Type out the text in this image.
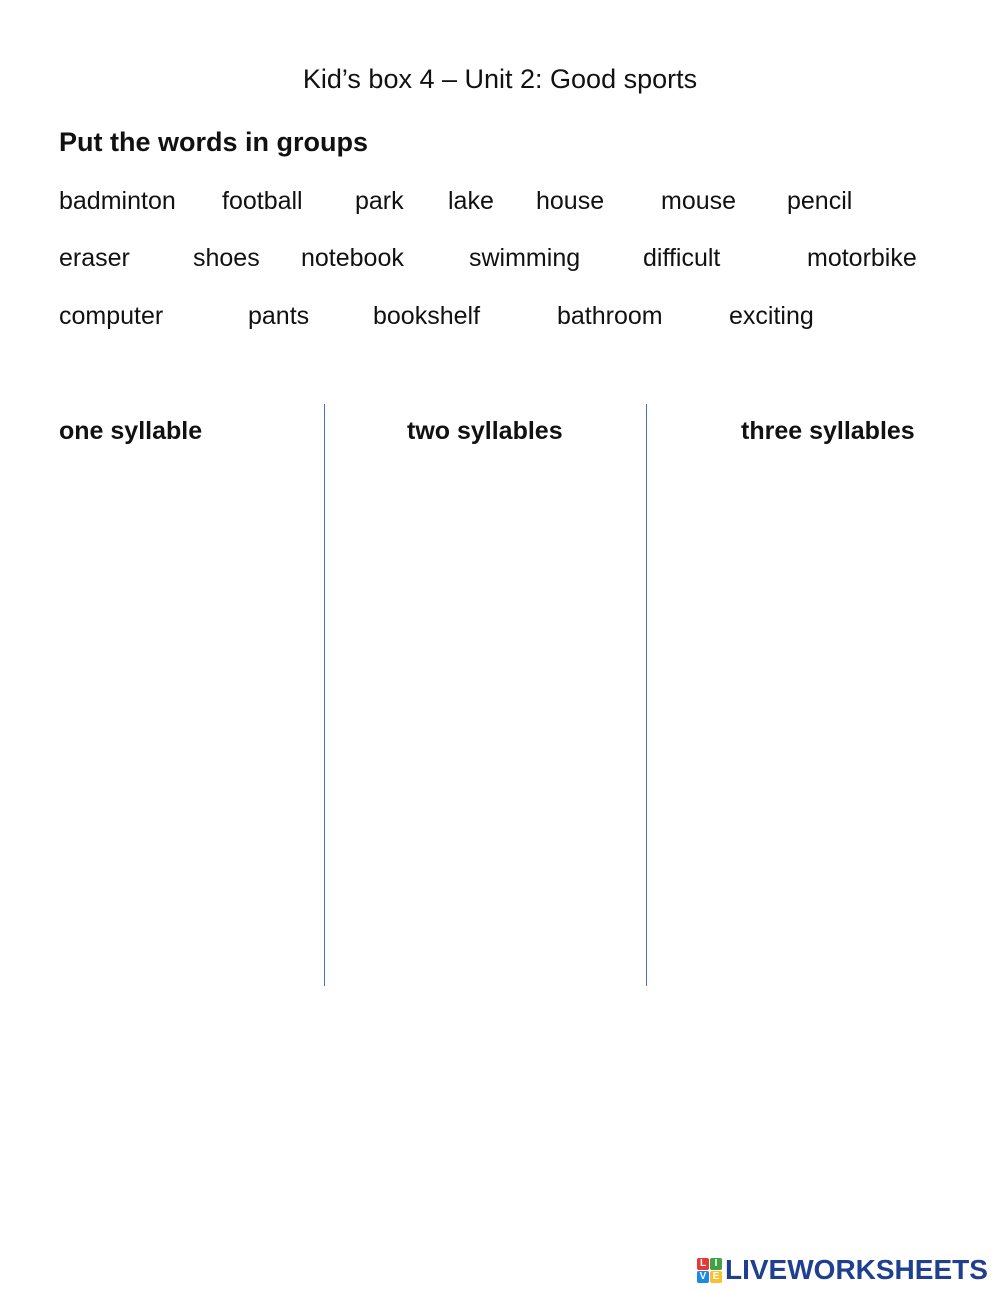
Kid’s box 4 – Unit 2: Good sports
Put the words in groups
badminton football park lake house mouse pencil
eraser	shoes notebook	swimming	difficult	motorbike
computer	pants	bookshelf	bathroom	exciting
one syllable	two syllables	three syllables
L I
V E LIVEWORKSHEETS
